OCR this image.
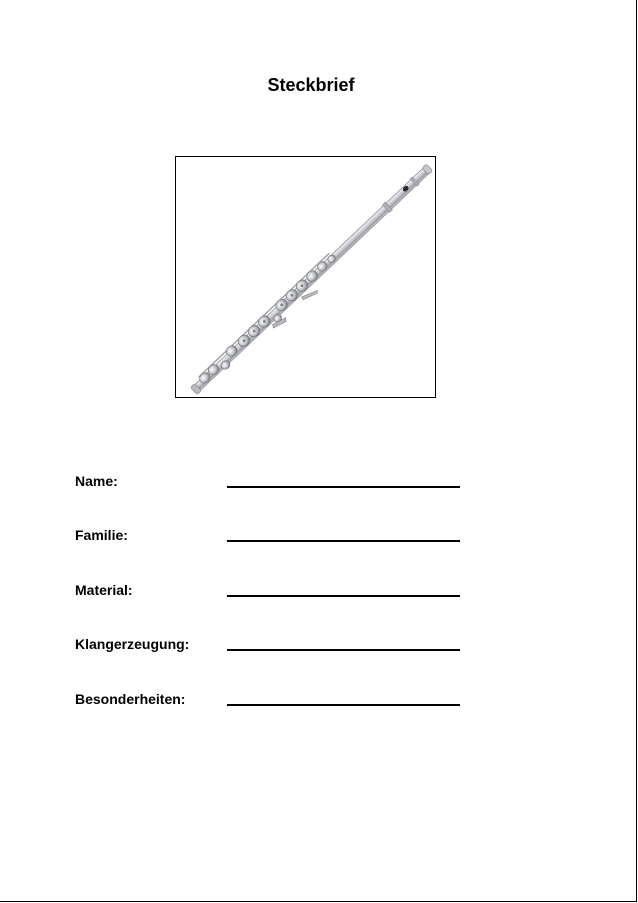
Steckbrief
Name:
Familie:
Material:
Klangerzeugung:
Besonderheiten:
